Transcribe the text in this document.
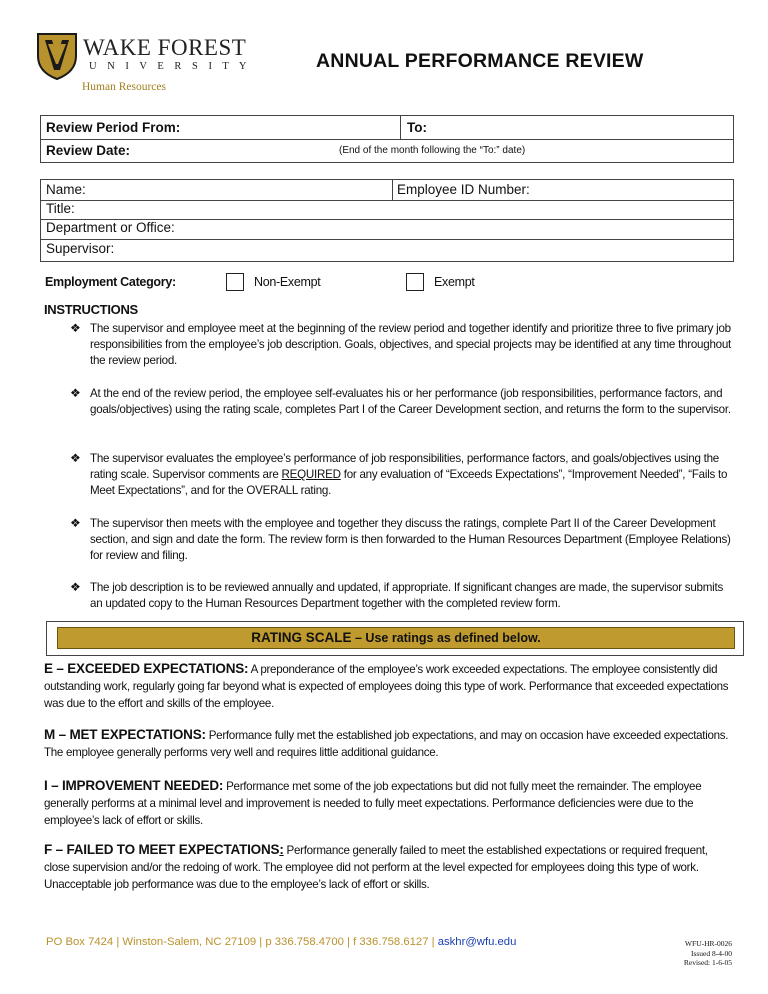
WAKE FOREST
U N I V E R S I T Y
Human Resources
ANNUAL PERFORMANCE REVIEW
Review Period From:	To:
Review Date:	(End of the month following the “To:” date)
Name:	Employee ID Number:
Title:
Department or Office:
Supervisor:
Employment Category:	Non-Exempt	Exempt
INSTRUCTIONS
❖ The supervisor and employee meet at the beginning of the review period and together identify and prioritize three to five primary job responsibilities from the employee’s job description. Goals, objectives, and special projects may be identified at any time throughout the review period.
❖ At the end of the review period, the employee self-evaluates his or her performance (job responsibilities, performance factors, and goals/objectives) using the rating scale, completes Part I of the Career Development section, and returns the form to the supervisor.
❖ The supervisor evaluates the employee’s performance of job responsibilities, performance factors, and goals/objectives using the rating scale. Supervisor comments are REQUIRED for any evaluation of “Exceeds Expectations”, “Improvement Needed”, “Fails to Meet Expectations”, and for the OVERALL rating.
❖ The supervisor then meets with the employee and together they discuss the ratings, complete Part II of the Career Development section, and sign and date the form. The review form is then forwarded to the Human Resources Department (Employee Relations) for review and filing.
❖ The job description is to be reviewed annually and updated, if appropriate. If significant changes are made, the supervisor submits an updated copy to the Human Resources Department together with the completed review form.
RATING SCALE – Use ratings as defined below.
E – EXCEEDED EXPECTATIONS: A preponderance of the employee’s work exceeded expectations. The employee consistently did outstanding work, regularly going far beyond what is expected of employees doing this type of work. Performance that exceeded expectations was due to the effort and skills of the employee.
M – MET EXPECTATIONS: Performance fully met the established job expectations, and may on occasion have exceeded expectations. The employee generally performs very well and requires little additional guidance.
I – IMPROVEMENT NEEDED: Performance met some of the job expectations but did not fully meet the remainder. The employee generally performs at a minimal level and improvement is needed to fully meet expectations. Performance deficiencies were due to the employee’s lack of effort or skills.
F – FAILED TO MEET EXPECTATIONS: Performance generally failed to meet the established expectations or required frequent, close supervision and/or the redoing of work. The employee did not perform at the level expected for employees doing this type of work. Unacceptable job performance was due to the employee’s lack of effort or skills.
PO Box 7424 | Winston-Salem, NC 27109 | p 336.758.4700 | f 336.758.6127 | askhr@wfu.edu	WFU-HR-0026
Issued 8-4-00
Revised: 1-6-05
